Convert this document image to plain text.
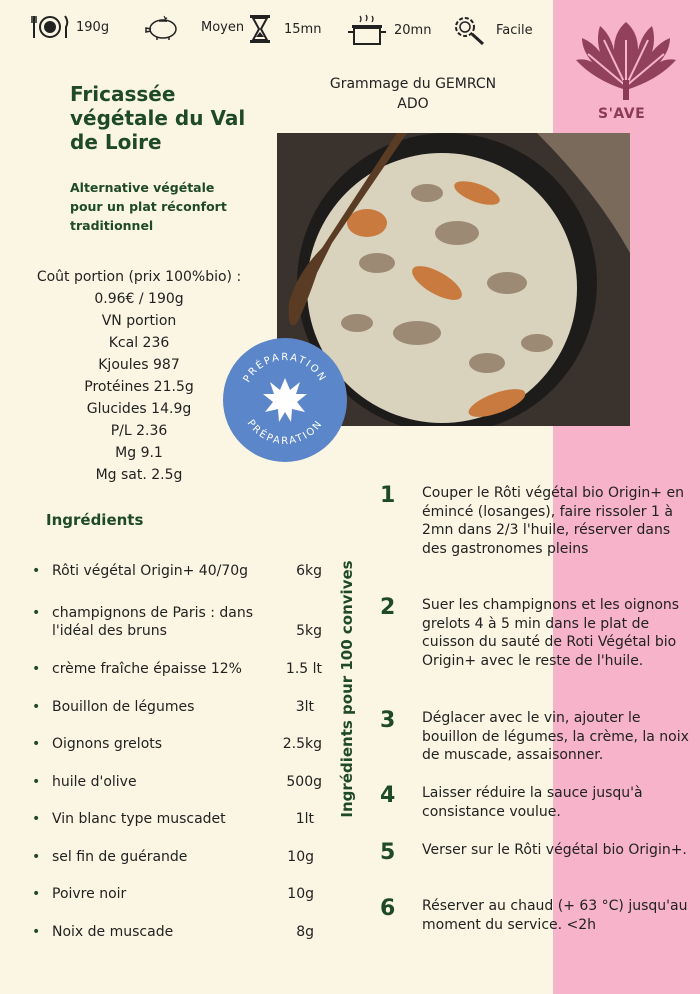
190g	Moyen	15mn	20mn	Facile
S'AVE
Fricassée végétale du Val de Loire
Alternative végétale pour un plat réconfort traditionnel
Grammage du GEMRCN ADO
PRÉPARATION
PRÉPARATION
Coût portion (prix 100%bio) :
0.96€ / 190g
VN portion
Kcal 236
Kjoules 987
Protéines 21.5g
Glucides 14.9g
P/L 2.36
Mg 9.1
Mg sat. 2.5g
Ingrédients
• Rôti végétal Origin+ 40/70g	6kg
• champignons de Paris : dans l'idéal des bruns	5kg
• crème fraîche épaisse 12%	1.5 lt
• Bouillon de légumes	3lt
• Oignons grelots	2.5kg
• huile d'olive	500g
• Vin blanc type muscadet	1lt
• sel fin de guérande	10g
• Poivre noir	10g
• Noix de muscade	8g
Ingrédients pour 100 convives
1	Couper le Rôti végétal bio Origin+ en émincé (losanges), faire rissoler 1 à 2mn dans 2/3 l'huile, réserver dans des gastronomes pleins
2	Suer les champignons et les oignons grelots 4 à 5 min dans le plat de cuisson du sauté de Roti Végétal bio Origin+ avec le reste de l'huile.
3	Déglacer avec le vin, ajouter le bouillon de légumes, la crème, la noix de muscade, assaisonner.
4	Laisser réduire la sauce jusqu'à consistance voulue.
5	Verser sur le Rôti végétal bio Origin+.
6	Réserver au chaud (+ 63 °C) jusqu'au moment du service. <2h
